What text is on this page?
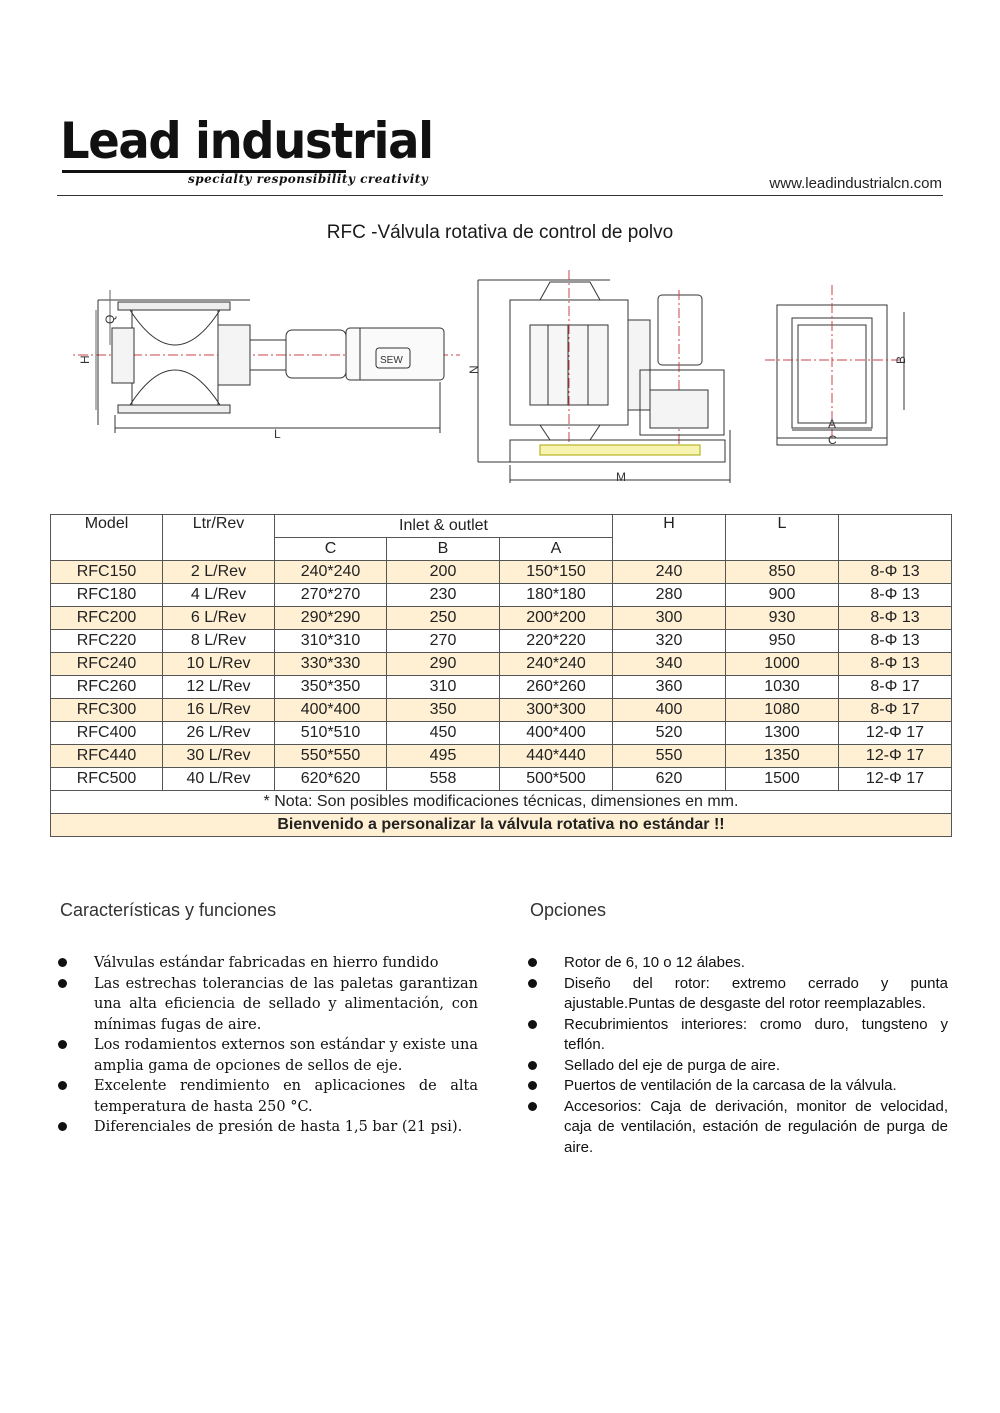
Lead industrial
specialty responsibility creativity	www.leadindustrialcn.com
RFC -Válvula rotativa de control de polvo
H
Q
L
SEW
N
M
B
A
C
Model	Ltr/Rev	Inlet & outlet			H	L	
		C	B	A			
RFC150	2 L/Rev	240*240	200	150*150	240	850	8-Φ 13
RFC180	4 L/Rev	270*270	230	180*180	280	900	8-Φ 13
RFC200	6 L/Rev	290*290	250	200*200	300	930	8-Φ 13
RFC220	8 L/Rev	310*310	270	220*220	320	950	8-Φ 13
RFC240	10 L/Rev	330*330	290	240*240	340	1000	8-Φ 13
RFC260	12 L/Rev	350*350	310	260*260	360	1030	8-Φ 17
RFC300	16 L/Rev	400*400	350	300*300	400	1080	8-Φ 17
RFC400	26 L/Rev	510*510	450	400*400	520	1300	12-Φ 17
RFC440	30 L/Rev	550*550	495	440*440	550	1350	12-Φ 17
RFC500	40 L/Rev	620*620	558	500*500	620	1500	12-Φ 17
* Nota: Son posibles modificaciones técnicas, dimensiones en mm.							
Bienvenido a personalizar la válvula rotativa no estándar !!							
Características y funciones
Válvulas estándar fabricadas en hierro fundido
Las estrechas tolerancias de las paletas garantizan una alta eficiencia de sellado y alimentación, con mínimas fugas de aire.
Los rodamientos externos son estándar y existe una amplia gama de opciones de sellos de eje.
Excelente rendimiento en aplicaciones de alta temperatura de hasta 250 °C.
Diferenciales de presión de hasta 1,5 bar (21 psi).
Opciones
Rotor de 6, 10 o 12 álabes.
Diseño del rotor: extremo cerrado y punta ajustable.Puntas de desgaste del rotor reemplazables.
Recubrimientos interiores: cromo duro, tungsteno y teflón.
Sellado del eje de purga de aire.
Puertos de ventilación de la carcasa de la válvula.
Accesorios: Caja de derivación, monitor de velocidad, caja de ventilación, estación de regulación de purga de aire.
